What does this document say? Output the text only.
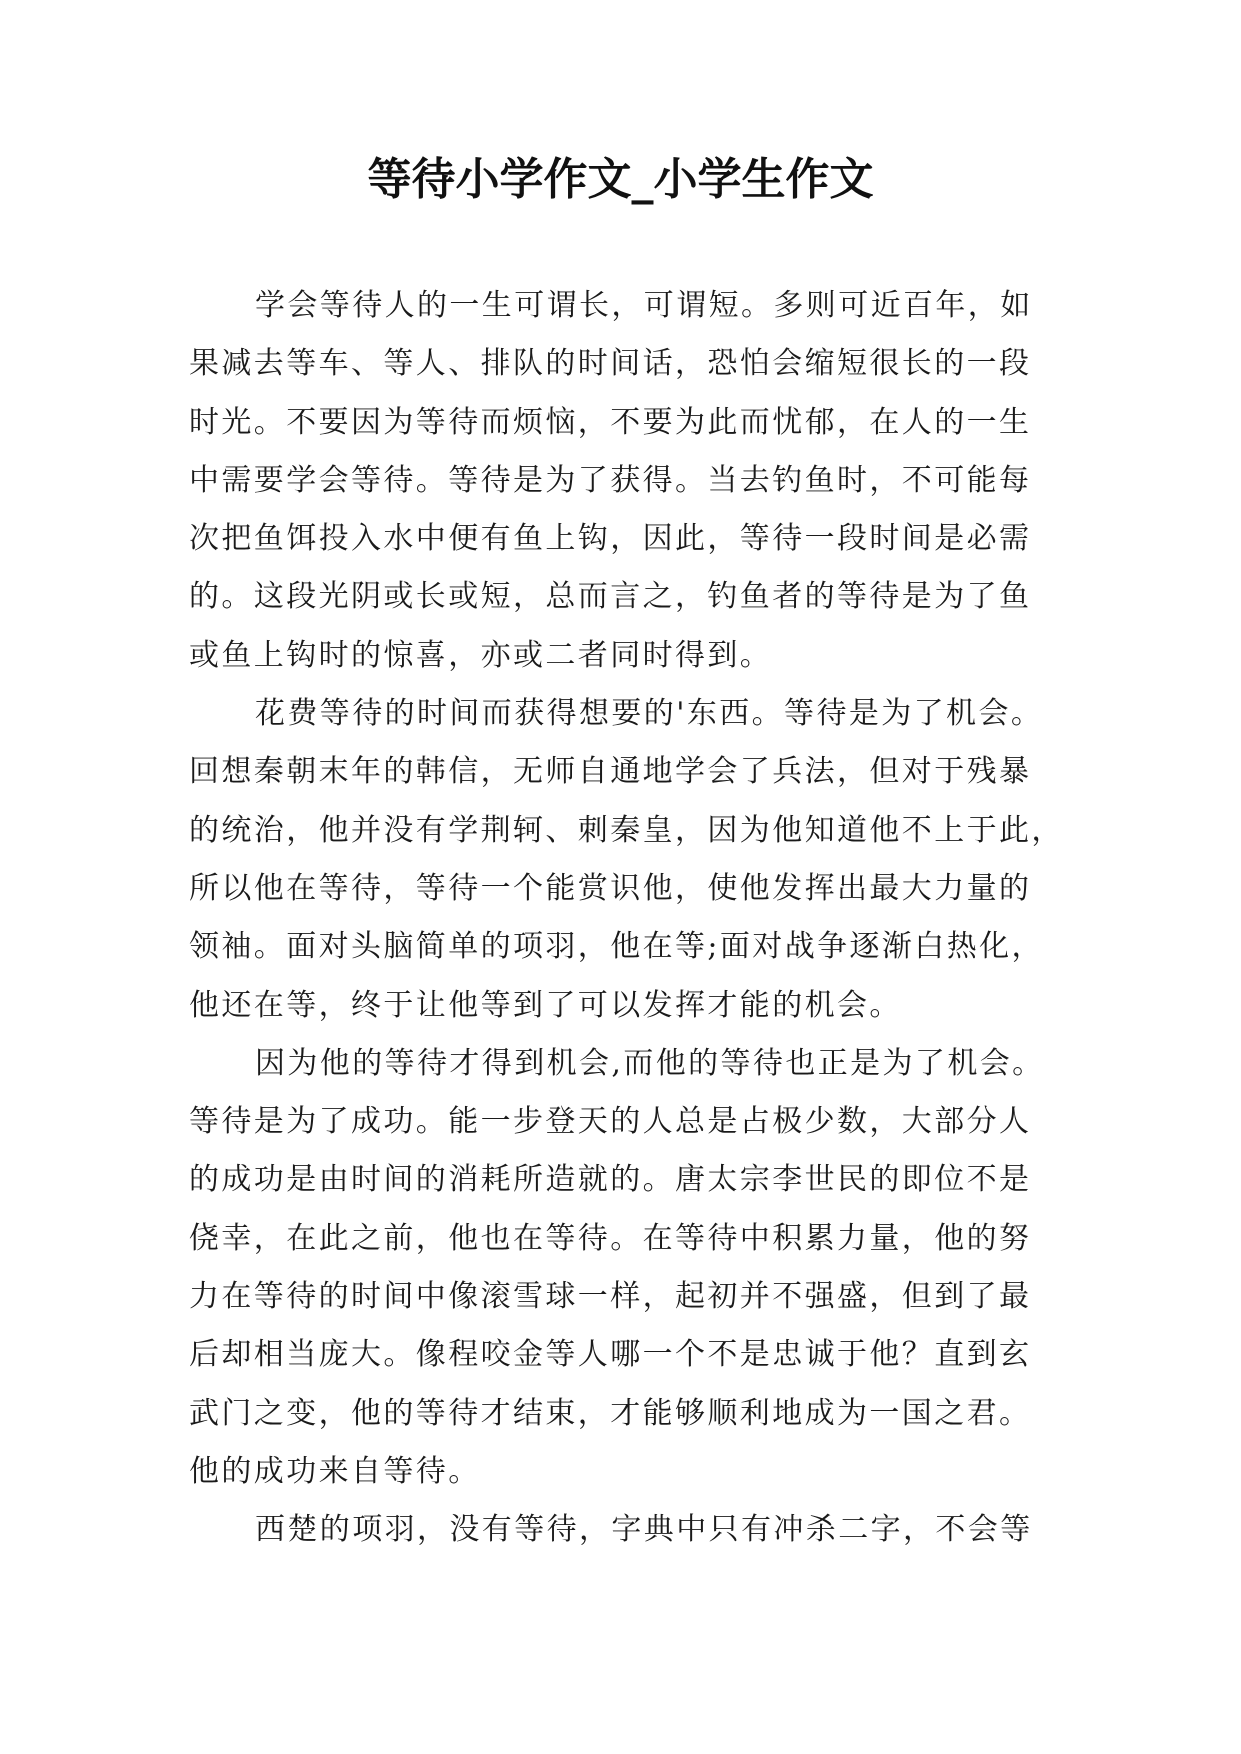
等待小学作文_小学生作文
学会等待人的一生可谓长，可谓短。多则可近百年，如
果减去等车、等人、排队的时间话，恐怕会缩短很长的一段
时光。不要因为等待而烦恼，不要为此而忧郁，在人的一生
中需要学会等待。等待是为了获得。当去钓鱼时，不可能每
次把鱼饵投入水中便有鱼上钩，因此，等待一段时间是必需
的。这段光阴或长或短，总而言之，钓鱼者的等待是为了鱼
或鱼上钩时的惊喜，亦或二者同时得到。
花费等待的时间而获得想要的'东西。等待是为了机会。
回想秦朝末年的韩信，无师自通地学会了兵法，但对于残暴
的统治，他并没有学荆轲、刺秦皇，因为他知道他不上于此，
所以他在等待，等待一个能赏识他，使他发挥出最大力量的
领袖。面对头脑简单的项羽，他在等;面对战争逐渐白热化，
他还在等，终于让他等到了可以发挥才能的机会。
因为他的等待才得到机会,而他的等待也正是为了机会。
等待是为了成功。能一步登天的人总是占极少数，大部分人
的成功是由时间的消耗所造就的。唐太宗李世民的即位不是
侥幸，在此之前，他也在等待。在等待中积累力量，他的努
力在等待的时间中像滚雪球一样，起初并不强盛，但到了最
后却相当庞大。像程咬金等人哪一个不是忠诚于他？直到玄
武门之变，他的等待才结束，才能够顺利地成为一国之君。
他的成功来自等待。
西楚的项羽，没有等待，字典中只有冲杀二字，不会等
